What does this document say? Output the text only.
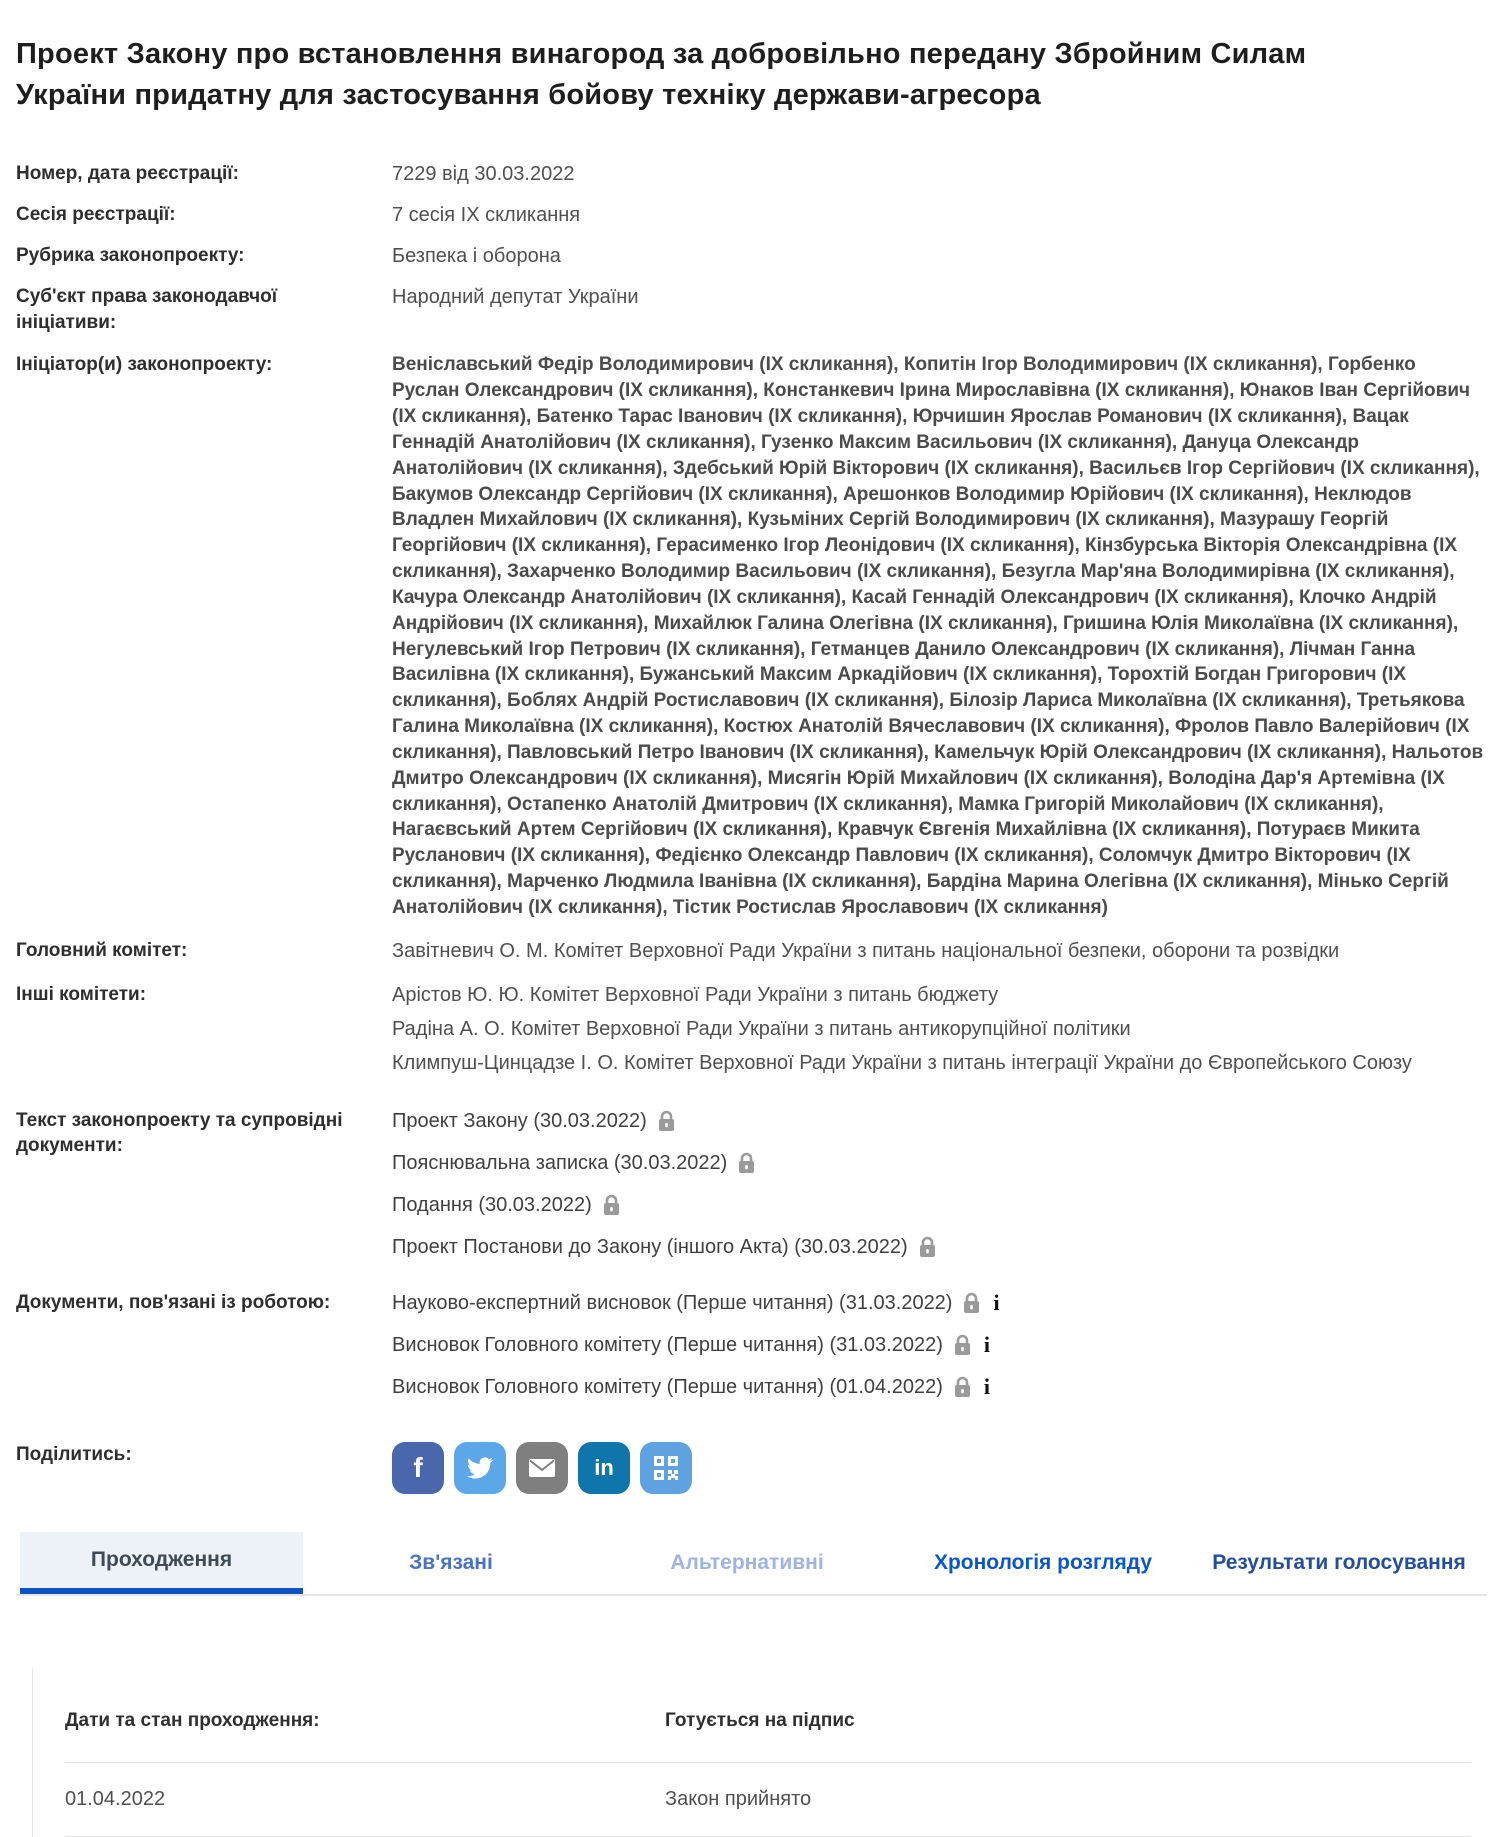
Проект Закону про встановлення винагород за добровільно передану Збройним Силам України придатну для застосування бойову техніку держави-агресора
Номер, дата реєстрації:	7229 від 30.03.2022
Сесія реєстрації:	7 сесія IX скликання
Рубрика законопроекту:	Безпека і оборона
Суб'єкт права законодавчої ініціативи:
Народний депутат України
Ініціатор(и) законопроекту:	Веніславський Федір Володимирович (ІХ скликання), Копитін Ігор Володимирович (ІХ скликання), Горбенко Руслан Олександрович (ІХ скликання), Констанкевич Ірина Мирославівна (ІХ скликання), Юнаков Іван Сергійович (ІХ скликання), Батенко Тарас Іванович (ІХ скликання), Юрчишин Ярослав Романович (ІХ скликання), Вацак Геннадій Анатолійович (ІХ скликання), Гузенко Максим Васильович (ІХ скликання), Дануца Олександр Анатолійович (ІХ скликання), Здебський Юрій Вікторович (ІХ скликання), Васильєв Ігор Сергійович (ІХ скликання), Бакумов Олександр Сергійович (ІХ скликання), Арешонков Володимир Юрійович (ІХ скликання), Неклюдов Владлен Михайлович (ІХ скликання), Кузьміних Сергій Володимирович (ІХ скликання), Мазурашу Георгій Георгійович (ІХ скликання), Герасименко Ігор Леонідович (ІХ скликання), Кінзбурська Вікторія Олександрівна (ІХ скликання), Захарченко Володимир Васильович (ІХ скликання), Безугла Мар'яна Володимирівна (ІХ скликання), Качура Олександр Анатолійович (ІХ скликання), Касай Геннадій Олександрович (ІХ скликання), Клочко Андрій Андрійович (ІХ скликання), Михайлюк Галина Олегівна (ІХ скликання), Гришина Юлія Миколаївна (ІХ скликання), Негулевський Ігор Петрович (ІХ скликання), Гетманцев Данило Олександрович (ІХ скликання), Лічман Ганна Василівна (ІХ скликання), Бужанський Максим Аркадійович (ІХ скликання), Торохтій Богдан Григорович (ІХ скликання), Боблях Андрій Ростиславович (ІХ скликання), Білозір Лариса Миколаївна (ІХ скликання), Третьякова Галина Миколаївна (ІХ скликання), Костюх Анатолій Вячеславович (ІХ скликання), Фролов Павло Валерійович (ІХ скликання), Павловський Петро Іванович (ІХ скликання), Камельчук Юрій Олександрович (ІХ скликання), Нальотов Дмитро Олександрович (ІХ скликання), Мисягін Юрій Михайлович (ІХ скликання), Володіна Дар'я Артемівна (ІХ скликання), Остапенко Анатолій Дмитрович (ІХ скликання), Мамка Григорій Миколайович (ІХ скликання), Нагаєвський Артем Сергійович (ІХ скликання), Кравчук Євгенія Михайлівна (ІХ скликання), Потураєв Микита Русланович (ІХ скликання), Федієнко Олександр Павлович (ІХ скликання), Соломчук Дмитро Вікторович (ІХ скликання), Марченко Людмила Іванівна (ІХ скликання), Бардіна Марина Олегівна (ІХ скликання), Мінько Сергій Анатолійович (ІХ скликання), Тістик Ростислав Ярославович (ІХ скликання)
Головний комітет:	Завітневич О. М. Комітет Верховної Ради України з питань національної безпеки, оборони та розвідки
Інші комітети:	Арістов Ю. Ю. Комітет Верховної Ради України з питань бюджету
Радіна А. О. Комітет Верховної Ради України з питань антикорупційної політики
Климпуш-Цинцадзе І. О. Комітет Верховної Ради України з питань інтеграції України до Європейського Союзу
Текст законопроекту та супровідні документи:
Проект Закону (30.03.2022)
Пояснювальна записка (30.03.2022)
Подання (30.03.2022)
Проект Постанови до Закону (іншого Акта) (30.03.2022)
Документи, пов'язані із роботою:	Науково-експертний висновок (Перше читання) (31.03.2022) i
Висновок Головного комітету (Перше читання) (31.03.2022) i
Висновок Головного комітету (Перше читання) (01.04.2022) i
Поділитись:	f	in
Проходження	Зв'язані	Альтернативні	Хронологія розгляду	Результати голосування
Дати та стан проходження:	Готується на підпис
01.04.2022	Закон прийнято
